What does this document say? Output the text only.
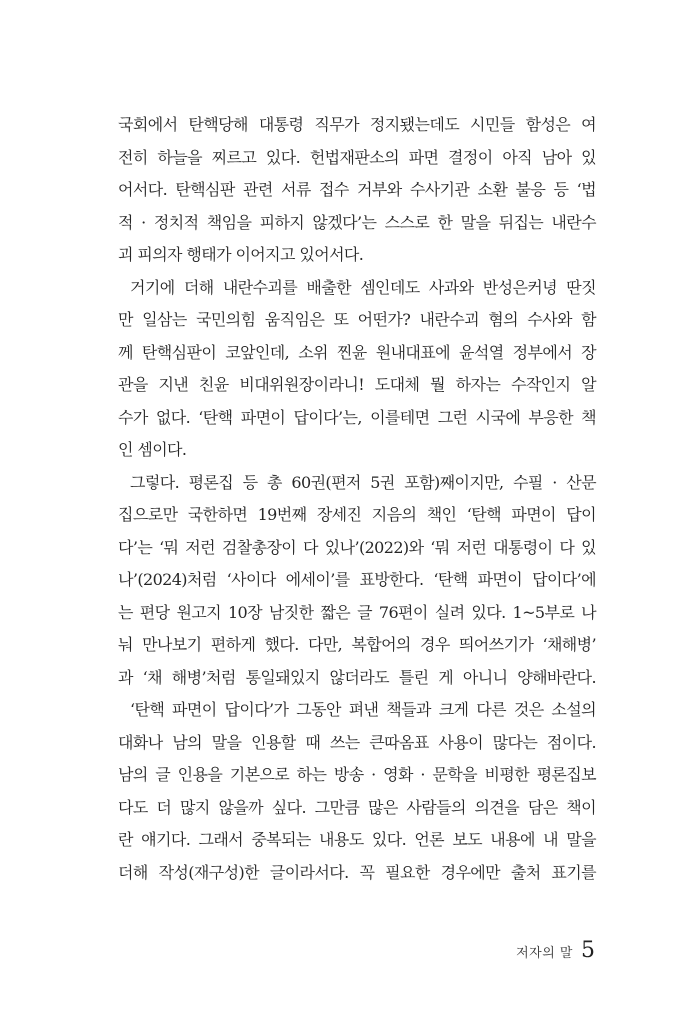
국회에서 탄핵당해 대통령 직무가 정지됐는데도 시민들 함성은 여
전히 하늘을 찌르고 있다. 헌법재판소의 파면 결정이 아직 남아 있
어서다. 탄핵심판 관련 서류 접수 거부와 수사기관 소환 불응 등 ‘법
적 · 정치적 책임을 피하지 않겠다’는 스스로 한 말을 뒤집는 내란수
괴 피의자 행태가 이어지고 있어서다.
거기에 더해 내란수괴를 배출한 셈인데도 사과와 반성은커녕 딴짓
만 일삼는 국민의힘 움직임은 또 어떤가? 내란수괴 혐의 수사와 함
께 탄핵심판이 코앞인데, 소위 찐윤 원내대표에 윤석열 정부에서 장
관을 지낸 친윤 비대위원장이라니! 도대체 뭘 하자는 수작인지 알
수가 없다. ‘탄핵 파면이 답이다’는, 이를테면 그런 시국에 부응한 책
인 셈이다.
그렇다. 평론집 등 총 60권(편저 5권 포함)째이지만, 수필 · 산문
집으로만 국한하면 19번째 장세진 지음의 책인 ‘탄핵 파면이 답이
다’는 ‘뭐 저런 검찰총장이 다 있나’(2022)와 ‘뭐 저런 대통령이 다 있
나’(2024)처럼 ‘사이다 에세이’를 표방한다. ‘탄핵 파면이 답이다’에
는 편당 원고지 10장 남짓한 짧은 글 76편이 실려 있다. 1~5부로 나
눠 만나보기 편하게 했다. 다만, 복합어의 경우 띄어쓰기가 ‘채해병’
과 ‘채 해병’처럼 통일돼있지 않더라도 틀린 게 아니니 양해바란다.
‘탄핵 파면이 답이다’가 그동안 펴낸 책들과 크게 다른 것은 소설의
대화나 남의 말을 인용할 때 쓰는 큰따옴표 사용이 많다는 점이다.
남의 글 인용을 기본으로 하는 방송 · 영화 · 문학을 비평한 평론집보
다도 더 많지 않을까 싶다. 그만큼 많은 사람들의 의견을 담은 책이
란 얘기다. 그래서 중복되는 내용도 있다. 언론 보도 내용에 내 말을
더해 작성(재구성)한 글이라서다. 꼭 필요한 경우에만 출처 표기를
저자의 말 5
